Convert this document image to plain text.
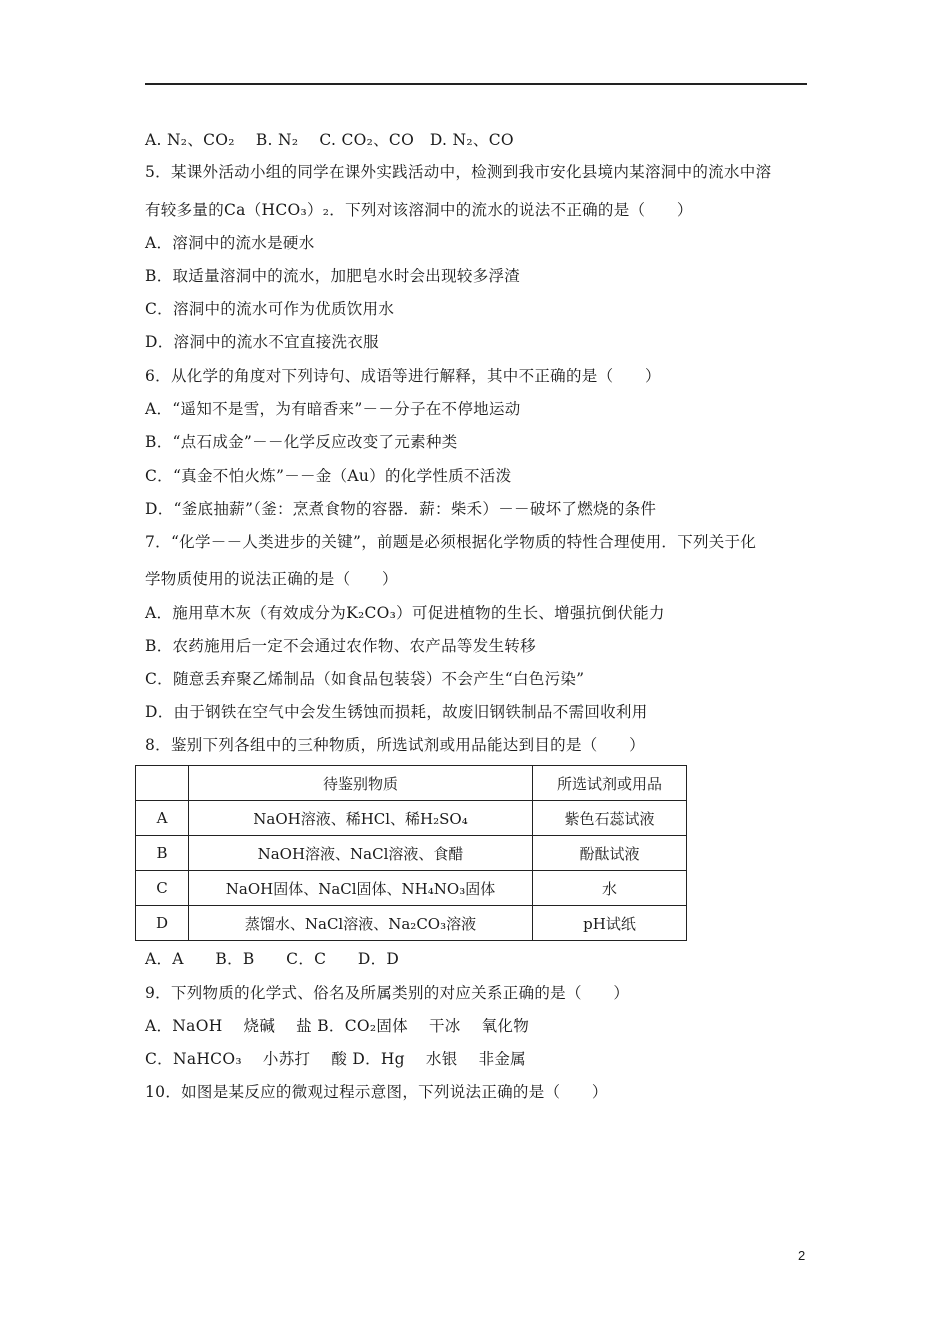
A. N₂、CO₂　 B. N₂　 C. CO₂、CO　D. N₂、CO
5．某课外活动小组的同学在课外实践活动中，检测到我市安化县境内某溶洞中的流水中溶
有较多量的Ca（HCO₃）₂．下列对该溶洞中的流水的说法不正确的是（　　）
A．溶洞中的流水是硬水
B．取适量溶洞中的流水，加肥皂水时会出现较多浮渣
C．溶洞中的流水可作为优质饮用水
D．溶洞中的流水不宜直接洗衣服
6．从化学的角度对下列诗句、成语等进行解释，其中不正确的是（　　）
A．“遥知不是雪，为有暗香来”－－分子在不停地运动
B．“点石成金”－－化学反应改变了元素种类
C．“真金不怕火炼”－－金（Au）的化学性质不活泼
D．“釜底抽薪”（釜：烹煮食物的容器．薪：柴禾）－－破坏了燃烧的条件
7．“化学－－人类进步的关键”，前题是必须根据化学物质的特性合理使用．下列关于化
学物质使用的说法正确的是（　　）
A．施用草木灰（有效成分为K₂CO₃）可促进植物的生长、增强抗倒伏能力
B．农药施用后一定不会通过农作物、农产品等发生转移
C．随意丢弃聚乙烯制品（如食品包装袋）不会产生“白色污染”
D．由于钢铁在空气中会发生锈蚀而损耗，故废旧钢铁制品不需回收利用
8．鉴别下列各组中的三种物质，所选试剂或用品能达到目的是（　　）
	待鉴别物质	所选试剂或用品
A	NaOH溶液、稀HCl、稀H₂SO₄	紫色石蕊试液
B	NaOH溶液、NaCl溶液、食醋	酚酞试液
C	NaOH固体、NaCl固体、NH₄NO₃固体	水
D	蒸馏水、NaCl溶液、Na₂CO₃溶液	pH试纸
A．A　　B．B　　C．C　　D．D
9．下列物质的化学式、俗名及所属类别的对应关系正确的是（　　）
A．NaOH　 烧碱　 盐 B．CO₂固体　 干冰　 氧化物
C．NaHCO₃　 小苏打　 酸 D．Hg　 水银　 非金属
10．如图是某反应的微观过程示意图，下列说法正确的是（　　）
2
